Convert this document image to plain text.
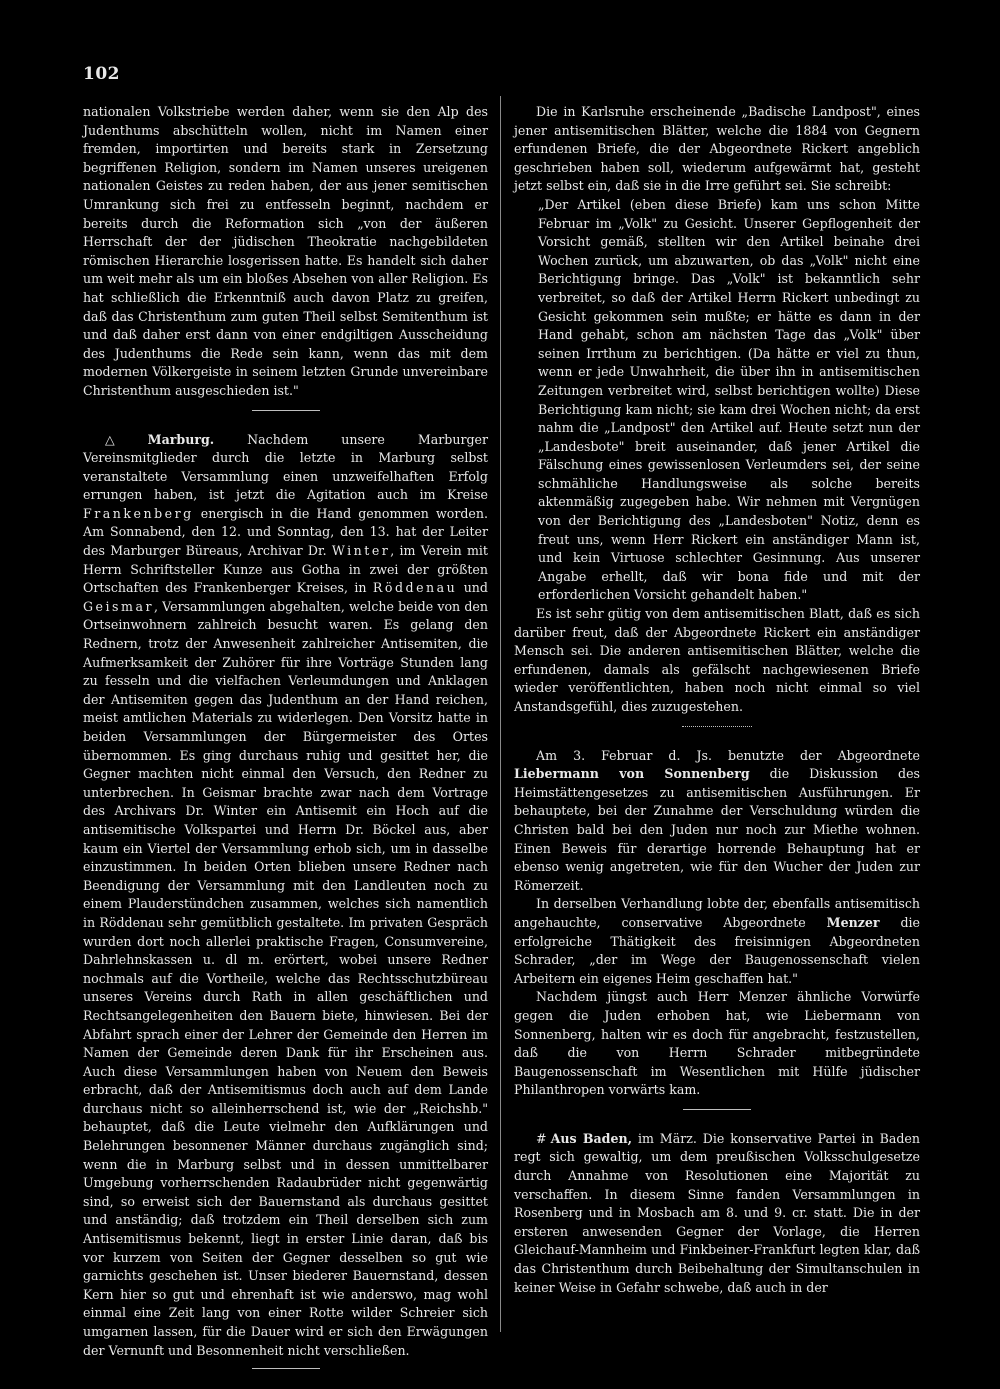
102

nationalen Volkstriebe werden daher, wenn sie den Alp des Judenthums abschütteln wollen, nicht im Namen einer fremden, importirten und bereits stark in Zersetzung begriffenen Religion, sondern im Namen unseres ureigenen nationalen Geistes zu reden haben, der aus jener semitischen Umrankung sich frei zu entfesseln beginnt, nachdem er bereits durch die Reformation sich „von der äußeren Herrschaft der der jüdischen Theokratie nachgebildeten römischen Hierarchie losgerissen hatte. Es handelt sich daher um weit mehr als um ein bloßes Absehen von aller Religion. Es hat schließlich die Erkenntniß auch davon Platz zu greifen, daß das Christenthum zum guten Theil selbst Semitenthum ist und daß daher erst dann von einer endgiltigen Ausscheidung des Judenthums die Rede sein kann, wenn das mit dem modernen Völkergeiste in seinem letzten Grunde unvereinbare Christenthum ausgeschieden ist."

△ Marburg.	Nachdem unsere Marburger Vereinsmitglieder durch die letzte in Marburg selbst veranstaltete Versammlung einen unzweifelhaften Erfolg errungen haben, ist jetzt die Agitation auch im Kreise Frankenberg energisch in die Hand genommen worden. Am Sonnabend, den 12. und Sonntag, den 13. hat der Leiter des Marburger Büreaus, Archivar Dr. Winter, im Verein mit Herrn Schriftsteller Kunze aus Gotha in zwei der größten Ortschaften des Frankenberger Kreises, in Röddenau und Geismar, Versammlungen abgehalten, welche beide von den Ortseinwohnern zahlreich besucht waren. Es gelang den Rednern, trotz der Anwesenheit zahlreicher Antisemiten, die Aufmerksamkeit der Zuhörer für ihre Vorträge Stunden lang zu fesseln und die vielfachen Verleumdungen und Anklagen der Antisemiten gegen das Judenthum an der Hand reichen, meist amtlichen Materials zu widerlegen. Den Vorsitz hatte in beiden Versammlungen der Bürgermeister des Ortes übernommen. Es ging durchaus ruhig und gesittet her, die Gegner machten nicht einmal den Versuch, den Redner zu unterbrechen. In Geismar brachte zwar nach dem Vortrage des Archivars Dr. Winter ein Antisemit ein Hoch auf die antisemitische Volkspartei und Herrn Dr. Böckel aus, aber kaum ein Viertel der Versammlung erhob sich, um in dasselbe einzustimmen. In beiden Orten blieben unsere Redner nach Beendigung der Versammlung mit den Landleuten noch zu einem Plauderstündchen zusammen, welches sich namentlich in Röddenau sehr gemütblich gestaltete. Im privaten Gespräch wurden dort noch allerlei praktische Fragen, Consumvereine, Dahrlehnskassen u. dl m. erörtert, wobei unsere Redner nochmals auf die Vortheile, welche das Rechtsschutzbüreau unseres Vereins durch Rath in allen geschäftlichen und Rechtsangelegenheiten den Bauern biete, hinwiesen. Bei der Abfahrt sprach einer der Lehrer der Gemeinde den Herren im Namen der Gemeinde deren Dank für ihr Erscheinen aus. Auch diese Versammlungen haben von Neuem den Beweis erbracht, daß der Antisemitismus doch auch auf dem Lande durchaus nicht so alleinherrschend ist, wie der „Reichshb." behauptet, daß die Leute vielmehr den Aufklärungen und Belehrungen besonnener Männer durchaus zugänglich sind; wenn die in Marburg selbst und in dessen unmittelbarer Umgebung vorherrschenden Radaubrüder nicht gegenwärtig sind, so erweist sich der Bauernstand als durchaus gesittet und anständig; daß trotzdem ein Theil derselben sich zum Antisemitismus bekennt, liegt in erster Linie daran, daß bis vor kurzem von Seiten der Gegner desselben so gut wie garnichts geschehen ist. Unser biederer Bauernstand, dessen Kern hier so gut und ehrenhaft ist wie anderswo, mag wohl einmal eine Zeit lang von einer Rotte wilder Schreier sich umgarnen lassen, für die Dauer wird er sich den Erwägungen der Vernunft und Besonnenheit nicht verschließen.

Die in Karlsruhe erscheinende „Badische Landpost", eines jener antisemitischen Blätter, welche die 1884 von Gegnern erfundenen Briefe, die der Abgeordnete Rickert angeblich geschrieben haben soll, wiederum aufgewärmt hat, gesteht jetzt selbst ein, daß sie in die Irre geführt sei. Sie schreibt:

„Der Artikel (eben diese Briefe) kam uns schon Mitte Februar im „Volk" zu Gesicht. Unserer Gepflogenheit der Vorsicht gemäß, stellten wir den Artikel beinahe drei Wochen zurück, um abzuwarten, ob das „Volk" nicht eine Berichtigung bringe. Das „Volk" ist bekanntlich sehr verbreitet, so daß der Artikel Herrn Rickert unbedingt zu Gesicht gekommen sein mußte; er hätte es dann in der Hand gehabt, schon am nächsten Tage das „Volk" über seinen Irrthum zu berichtigen. (Da hätte er viel zu thun, wenn er jede Unwahrheit, die über ihn in antisemitischen Zeitungen verbreitet wird, selbst berichtigen wollte) Diese Berichtigung kam nicht; sie kam drei Wochen nicht; da erst nahm die „Landpost" den Artikel auf. Heute setzt nun der „Landesbote" breit auseinander, daß jener Artikel die Fälschung eines gewissenlosen Verleumders sei, der seine schmähliche Handlungsweise als solche bereits aktenmäßig zugegeben habe. Wir nehmen mit Vergnügen von der Berichtigung des „Landesboten" Notiz, denn es freut uns, wenn Herr Rickert ein anständiger Mann ist, und kein Virtuose schlechter Gesinnung. Aus unserer Angabe erhellt, daß wir bona fide und mit der erforderlichen Vorsicht gehandelt haben."

Es ist sehr gütig von dem antisemitischen Blatt, daß es sich darüber freut, daß der Abgeordnete Rickert ein anständiger Mensch sei. Die anderen antisemitischen Blätter, welche die erfundenen, damals als gefälscht nachgewiesenen Briefe wieder veröffentlichten, haben noch nicht einmal so viel Anstandsgefühl, dies zuzugestehen.

Am 3. Februar d. Js. benutzte der Abgeordnete Liebermann von Sonnenberg die Diskussion des Heimstättengesetzes zu antisemitischen Ausführungen. Er behauptete, bei der Zunahme der Verschuldung würden die Christen bald bei den Juden nur noch zur Miethe wohnen. Einen Beweis für derartige horrende Behauptung hat er ebenso wenig angetreten, wie für den Wucher der Juden zur Römerzeit.

In derselben Verhandlung lobte der, ebenfalls antisemitisch angehauchte, conservative Abgeordnete Menzer die erfolgreiche Thätigkeit des freisinnigen Abgeordneten Schrader, „der im Wege der Baugenossenschaft vielen Arbeitern ein eigenes Heim geschaffen hat."

Nachdem jüngst auch Herr Menzer ähnliche Vorwürfe gegen die Juden erhoben hat, wie Liebermann von Sonnenberg, halten wir es doch für angebracht, festzustellen, daß die von Herrn Schrader mitbegründete Baugenossenschaft im Wesentlichen mit Hülfe jüdischer Philanthropen vorwärts kam.

# Aus Baden, im März. Die konservative Partei in Baden regt sich gewaltig, um dem preußischen Volksschulgesetze durch Annahme von Resolutionen eine Majorität zu verschaffen. In diesem Sinne fanden Versammlungen in Rosenberg und in Mosbach am 8. und 9. cr. statt. Die in der ersteren anwesenden Gegner der Vorlage, die Herren Gleichauf-Mannheim und Finkbeiner-Frankfurt legten klar, daß das Christenthum durch Beibehaltung der Simultanschulen in keiner Weise in Gefahr schwebe, daß auch in der
